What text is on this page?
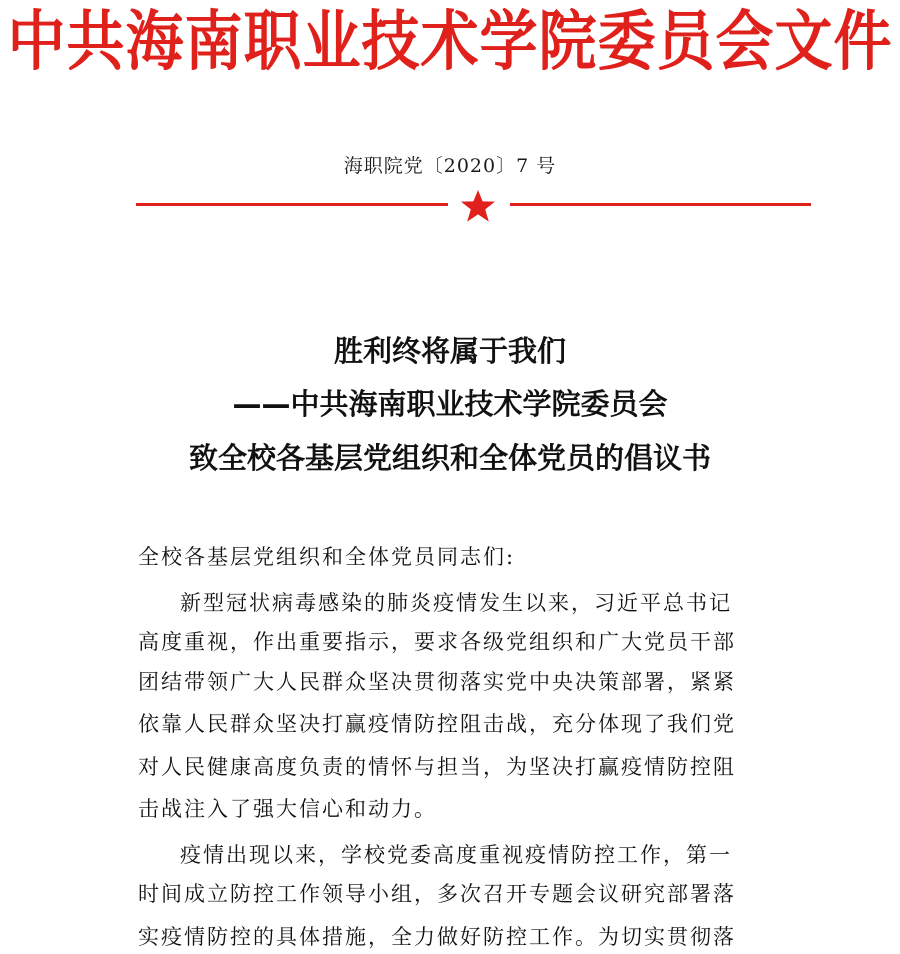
中共海南职业技术学院委员会文件
海职院党〔2020〕7 号
胜利终将属于我们
——中共海南职业技术学院委员会
致全校各基层党组织和全体党员的倡议书
全校各基层党组织和全体党员同志们:
新型冠状病毒感染的肺炎疫情发生以来，习近平总书记
高度重视，作出重要指示，要求各级党组织和广大党员干部
团结带领广大人民群众坚决贯彻落实党中央决策部署，紧紧
依靠人民群众坚决打赢疫情防控阻击战，充分体现了我们党
对人民健康高度负责的情怀与担当，为坚决打赢疫情防控阻
击战注入了强大信心和动力。
疫情出现以来，学校党委高度重视疫情防控工作，第一
时间成立防控工作领导小组，多次召开专题会议研究部署落
实疫情防控的具体措施，全力做好防控工作。为切实贯彻落
